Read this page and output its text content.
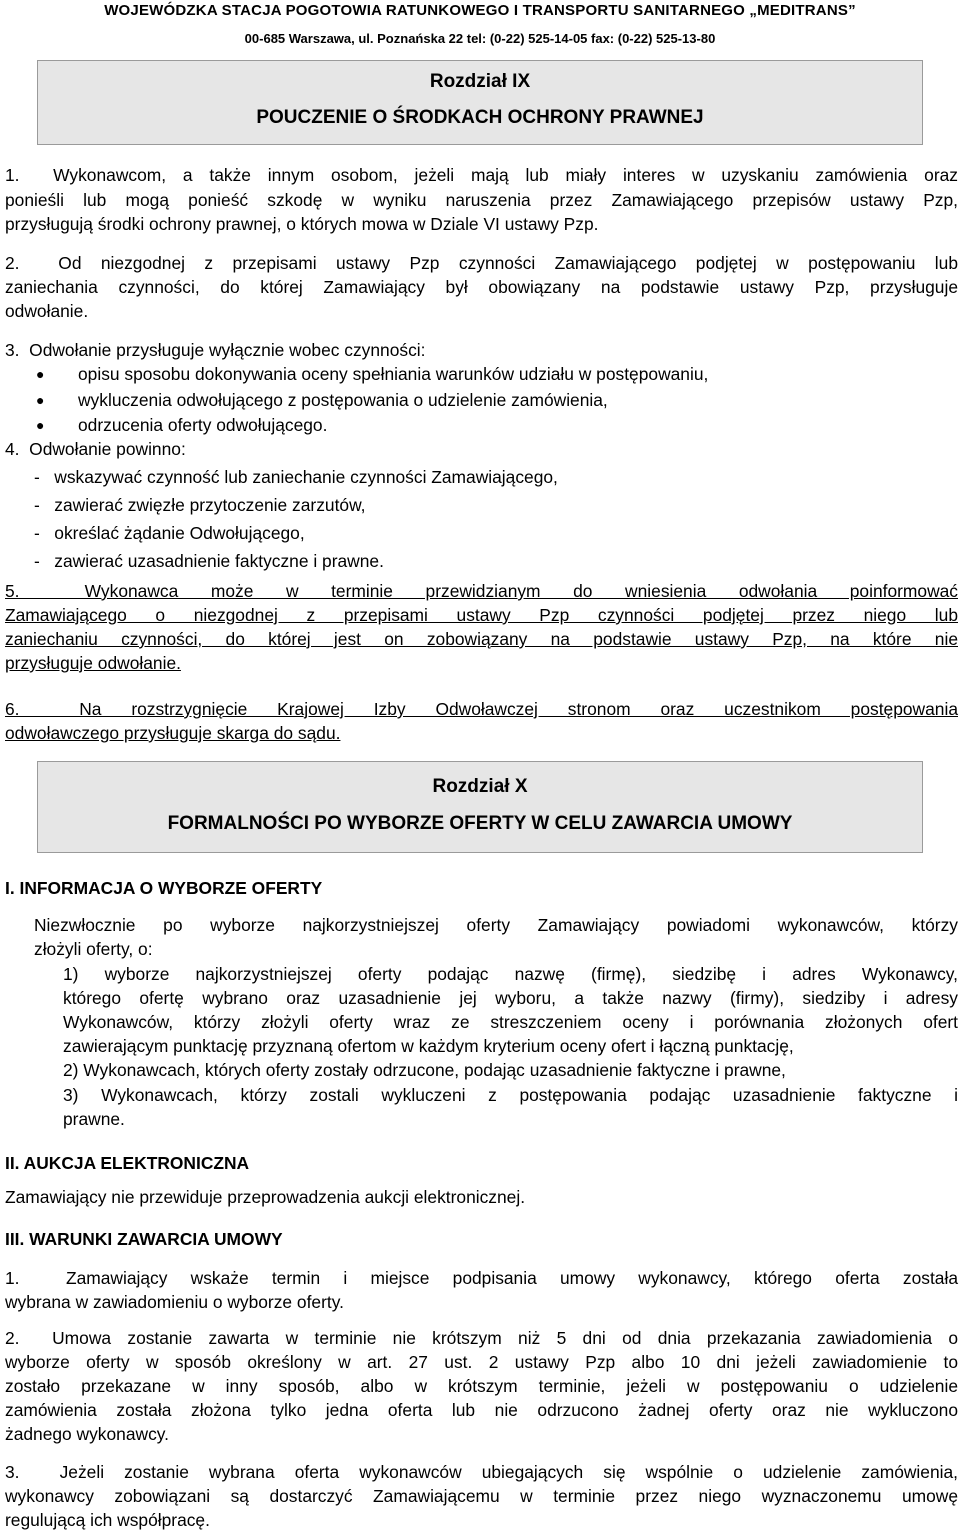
WOJEWÓDZKA STACJA POGOTOWIA RATUNKOWEGO I TRANSPORTU SANITARNEGO „MEDITRANS”
00-685 Warszawa, ul. Poznańska 22 tel: (0-22) 525-14-05 fax: (0-22) 525-13-80
Rozdział IX
POUCZENIE O ŚRODKACH OCHRONY PRAWNEJ
1.  Wykonawcom, a także innym osobom, jeżeli mają lub miały interes w uzyskaniu zamówienia oraz
ponieśli lub mogą ponieść szkodę w wyniku naruszenia przez Zamawiającego przepisów ustawy Pzp,
przysługują środki ochrony prawnej, o których mowa w Dziale VI ustawy Pzp.
2.  Od niezgodnej z przepisami ustawy Pzp czynności Zamawiającego podjętej w postępowaniu lub
zaniechania czynności, do której Zamawiający był obowiązany na podstawie ustawy Pzp, przysługuje
odwołanie.
3.  Odwołanie przysługuje wyłącznie wobec czynności:
● opisu sposobu dokonywania oceny spełniania warunków udziału w postępowaniu,
● wykluczenia odwołującego z postępowania o udzielenie zamówienia,
● odrzucenia oferty odwołującego.
4.  Odwołanie powinno:
-   wskazywać czynność lub zaniechanie czynności Zamawiającego,
-   zawierać zwięzłe przytoczenie zarzutów,
-   określać żądanie Odwołującego,
-   zawierać uzasadnienie faktyczne i prawne.
5.  Wykonawca może w terminie przewidzianym do wniesienia odwołania poinformować
Zamawiającego o niezgodnej z przepisami ustawy Pzp czynności podjętej przez niego lub
zaniechaniu czynności, do której jest on zobowiązany na podstawie ustawy Pzp, na które nie
przysługuje odwołanie.
6.  Na rozstrzygnięcie Krajowej Izby Odwoławczej stronom oraz uczestnikom postępowania
odwoławczego przysługuje skarga do sądu.
Rozdział X
FORMALNOŚCI PO WYBORZE OFERTY W CELU ZAWARCIA UMOWY
I. INFORMACJA O WYBORZE OFERTY
Niezwłocznie po wyborze najkorzystniejszej oferty Zamawiający powiadomi wykonawców, którzy
złożyli oferty, o:
1) wyborze najkorzystniejszej oferty podając nazwę (firmę), siedzibę i adres Wykonawcy,
którego ofertę wybrano oraz uzasadnienie jej wyboru, a także nazwy (firmy), siedziby i adresy
Wykonawców, którzy złożyli oferty wraz ze streszczeniem oceny i porównania złożonych ofert
zawierającym punktację przyznaną ofertom w każdym kryterium oceny ofert i łączną punktację,
2) Wykonawcach, których oferty zostały odrzucone, podając uzasadnienie faktyczne i prawne,
3) Wykonawcach, którzy zostali wykluczeni z postępowania podając uzasadnienie faktyczne i
prawne.
II. AUKCJA ELEKTRONICZNA
Zamawiający nie przewiduje przeprowadzenia aukcji elektronicznej.
III. WARUNKI ZAWARCIA UMOWY
1.  Zamawiający wskaże termin i miejsce podpisania umowy wykonawcy, którego oferta została
wybrana w zawiadomieniu o wyborze oferty.
2.  Umowa zostanie zawarta w terminie nie krótszym niż 5 dni od dnia przekazania zawiadomienia o
wyborze oferty w sposób określony w art. 27 ust. 2 ustawy Pzp albo 10 dni jeżeli zawiadomienie to
zostało przekazane w inny sposób, albo w krótszym terminie, jeżeli w postępowaniu o udzielenie
zamówienia została złożona tylko jedna oferta lub nie odrzucono żadnej oferty oraz nie wykluczono
żadnego wykonawcy.
3.  Jeżeli zostanie wybrana oferta wykonawców ubiegających się wspólnie o udzielenie zamówienia,
wykonawcy zobowiązani są dostarczyć Zamawiającemu w terminie przez niego wyznaczonemu umowę
regulującą ich współpracę.
